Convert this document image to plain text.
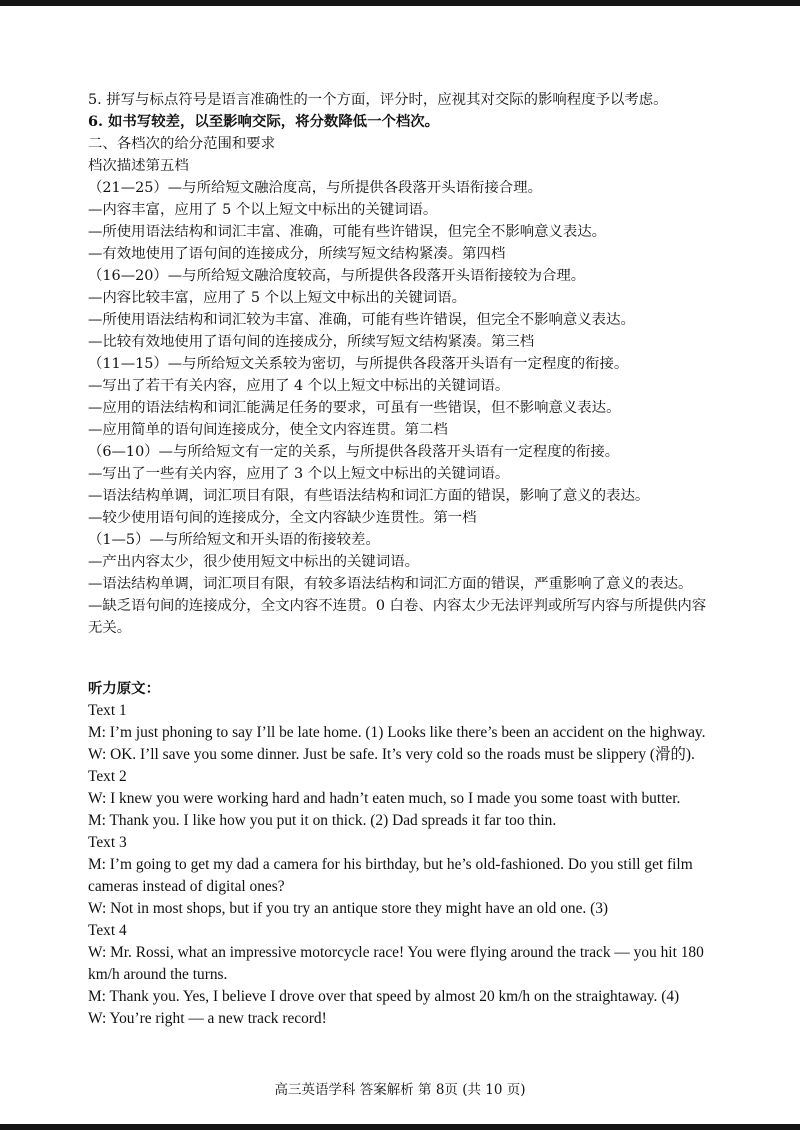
5. 拼写与标点符号是语言准确性的一个方面，评分时，应视其对交际的影响程度予以考虑。
6. 如书写较差，以至影响交际，将分数降低一个档次。
二、各档次的给分范围和要求
档次描述第五档
（21—25）—与所给短文融洽度高，与所提供各段落开头语衔接合理。
—内容丰富，应用了 5 个以上短文中标出的关键词语。
—所使用语法结构和词汇丰富、准确，可能有些许错误，但完全不影响意义表达。
—有效地使用了语句间的连接成分，所续写短文结构紧凑。第四档
（16—20）—与所给短文融洽度较高，与所提供各段落开头语衔接较为合理。
—内容比较丰富，应用了 5 个以上短文中标出的关键词语。
—所使用语法结构和词汇较为丰富、准确，可能有些许错误，但完全不影响意义表达。
—比较有效地使用了语句间的连接成分，所续写短文结构紧凑。第三档
（11—15）—与所给短文关系较为密切，与所提供各段落开头语有一定程度的衔接。
—写出了若干有关内容，应用了 4 个以上短文中标出的关键词语。
—应用的语法结构和词汇能满足任务的要求，可虽有一些错误，但不影响意义表达。
—应用简单的语句间连接成分，使全文内容连贯。第二档
（6—10）—与所给短文有一定的关系，与所提供各段落开头语有一定程度的衔接。
—写出了一些有关内容，应用了 3 个以上短文中标出的关键词语。
—语法结构单调，词汇项目有限，有些语法结构和词汇方面的错误，影响了意义的表达。
—较少使用语句间的连接成分，全文内容缺少连贯性。第一档
（1—5）—与所给短文和开头语的衔接较差。
—产出内容太少，很少使用短文中标出的关键词语。
—语法结构单调，词汇项目有限，有较多语法结构和词汇方面的错误，严重影响了意义的表达。
—缺乏语句间的连接成分，全文内容不连贯。0 白卷、内容太少无法评判或所写内容与所提供内容无关。
听力原文：
Text 1
M: I’m just phoning to say I’ll be late home. (1) Looks like there’s been an accident on the highway.
W: OK. I’ll save you some dinner. Just be safe. It’s very cold so the roads must be slippery (滑的).
Text 2
W: I knew you were working hard and hadn’t eaten much, so I made you some toast with butter.
M: Thank you. I like how you put it on thick. (2) Dad spreads it far too thin.
Text 3
M: I’m going to get my dad a camera for his birthday, but he’s old-fashioned. Do you still get film cameras instead of digital ones?
W: Not in most shops, but if you try an antique store they might have an old one. (3)
Text 4
W: Mr. Rossi, what an impressive motorcycle race! You were flying around the track — you hit 180 km/h around the turns.
M: Thank you. Yes, I believe I drove over that speed by almost 20 km/h on the straightaway. (4)
W: You’re right — a new track record!
高三英语学科 答案解析 第 8页 (共 10 页)
